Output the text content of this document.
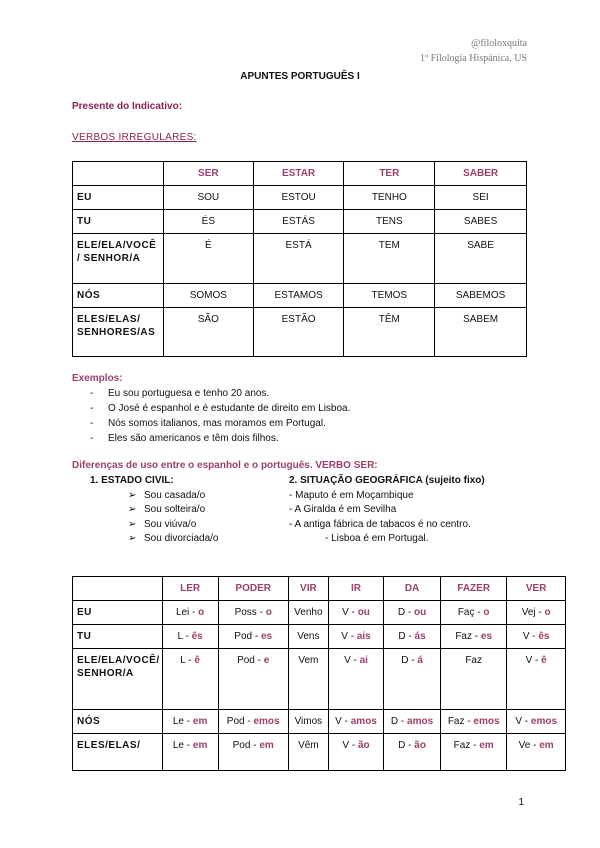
@filoloxquita
1º Filología Hispánica, US
APUNTES PORTUGUÊS I
Presente do Indicativo:
VERBOS IRREGULARES:
	SER	ESTAR	TER	SABER
EU	SOU	ESTOU	TENHO	SEI
TU	ÉS	ESTÁS	TENS	SABES
ELE/ELA/VOCÊ / SENHOR/A	É	ESTÁ	TEM	SABE
NÓS	SOMOS	ESTAMOS	TEMOS	SABEMOS
ELES/ELAS/ SENHORES/AS	SÃO	ESTÃO	TÊM	SABEM
Exemplos:
- Eu sou portuguesa e tenho 20 anos.
- O José é espanhol e é estudante de direito em Lisboa.
- Nós somos italianos, mas moramos em Portugal.
- Eles são americanos e têm dois filhos.
Diferenças de uso entre o espanhol e o português. VERBO SER:
1. ESTADO CIVIL:
➢ Sou casada/o
➢ Sou solteira/o
➢ Sou viúva/o
➢ Sou divorciada/o
2. SITUAÇÃO GEOGRÁFICA (sujeito fixo)
- Maputo é em Moçambique
- A Giralda é em Sevilha
- A antiga fábrica de tabacos é no centro.
- Lisboa é em Portugal.
	LER	PODER	VIR	IR	DA	FAZER	VER
EU	Lei - o	Poss - o	Venho	V - ou	D - ou	Faç - o	Vej - o
TU	L - ês	Pod - es	Vens	V - ais	D - ás	Faz - es	V - ês
ELE/ELA/VOCÊ/ SENHOR/A	L - ê	Pod - e	Vem	V - ai	D - á	Faz	V - ê
NÓS	Le - em	Pod - emos	Vimos	V - amos	D - amos	Faz - emos	V - emos
ELES/ELAS/	Le - em	Pod - em	Vêm	V - ão	D - ão	Faz - em	Ve - em
1
